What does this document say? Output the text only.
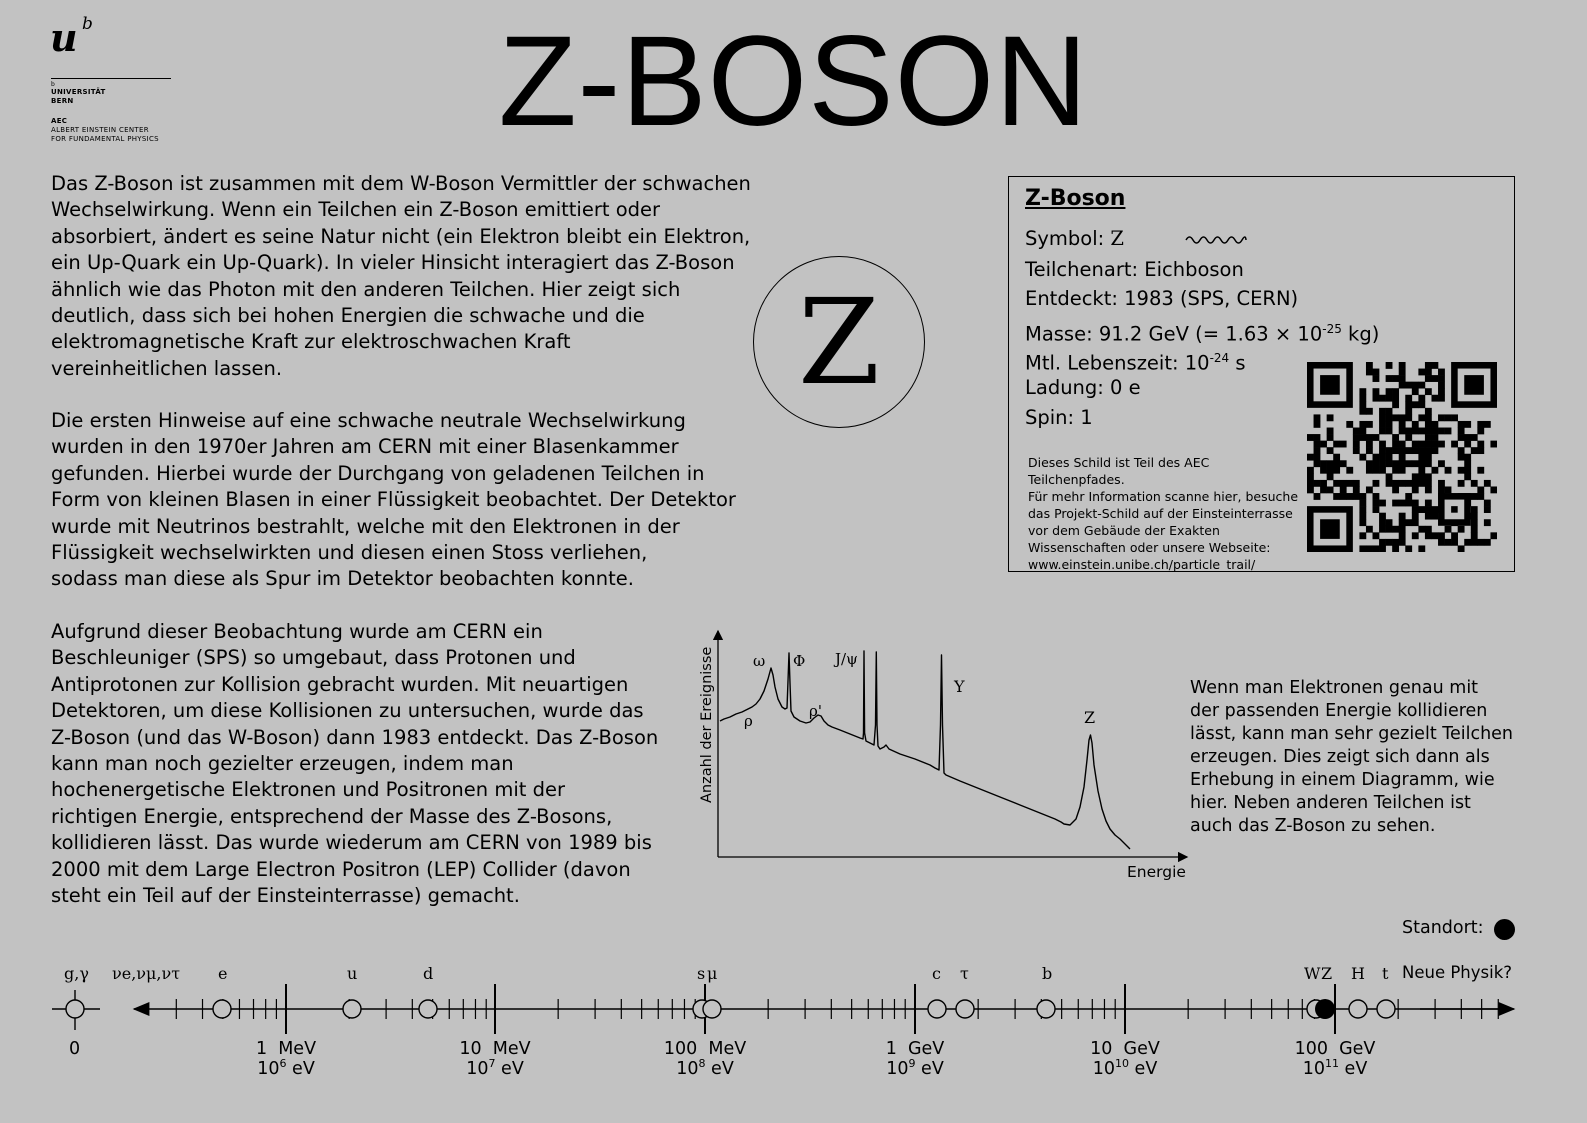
u b
b
UNIVERSITÄT
BERN
AEC
ALBERT EINSTEIN CENTER
FOR FUNDAMENTAL PHYSICS	Z-BOSON
Das Z-Boson ist zusammen mit dem W-Boson Vermittler der schwachen
Wechselwirkung. Wenn ein Teilchen ein Z-Boson emittiert oder
absorbiert, ändert es seine Natur nicht (ein Elektron bleibt ein Elektron,
ein Up-Quark ein Up-Quark). In vieler Hinsicht interagiert das Z-Boson
ähnlich wie das Photon mit den anderen Teilchen. Hier zeigt sich
deutlich, dass sich bei hohen Energien die schwache und die
elektromagnetische Kraft zur elektroschwachen Kraft
vereinheitlichen lassen.
Die ersten Hinweise auf eine schwache neutrale Wechselwirkung
wurden in den 1970er Jahren am CERN mit einer Blasenkammer
gefunden. Hierbei wurde der Durchgang von geladenen Teilchen in
Form von kleinen Blasen in einer Flüssigkeit beobachtet. Der Detektor
wurde mit Neutrinos bestrahlt, welche mit den Elektronen in der
Flüssigkeit wechselwirkten und diesen einen Stoss verliehen,
sodass man diese als Spur im Detektor beobachten konnte.
Aufgrund dieser Beobachtung wurde am CERN ein
Beschleuniger (SPS) so umgebaut, dass Protonen und
Antiprotonen zur Kollision gebracht wurden. Mit neuartigen
Detektoren, um diese Kollisionen zu untersuchen, wurde das
Z-Boson (und das W-Boson) dann 1983 entdeckt. Das Z-Boson
kann man noch gezielter erzeugen, indem man
hochenergetische Elektronen und Positronen mit der
richtigen Energie, entsprechend der Masse des Z-Bosons,
kollidieren lässt. Das wurde wiederum am CERN von 1989 bis
2000 mit dem Large Electron Positron (LEP) Collider (davon
steht ein Teil auf der Einsteinterrasse) gemacht.
Z
Z-Boson
Symbol: Z
Teilchenart: Eichboson
Entdeckt: 1983 (SPS, CERN)
Masse: 91.2 GeV (= $1.63 \times 10^{-25}$ kg)
Mtl. Lebenszeit: $10^{-24}$ s
Ladung: 0 e
Spin: 1
Dieses Schild ist Teil des AEC Teilchenpfades.
Für mehr Information scanne hier, besuche
das Projekt-Schild auf der Einsteinterrasse
vor dem Gebäude der Exakten
Wissenschaften oder unsere Webseite:
www.einstein.unibe.ch/particle_trail/
Anzahl der Ereignisse
Energie
ω Φ J/ψ
ρ
ρ'
Υ
Z
Wenn man Elektronen genau mit
der passenden Energie kollidieren
lässt, kann man sehr gezielt Teilchen
erzeugen. Dies zeigt sich dann als
Erhebung in einem Diagramm, wie
hier. Neben anderen Teilchen ist
auch das Z-Boson zu sehen.
Standort:
0
g,γ νe,νμ,ντ e	u	d	s μ	c τ	b	W Z H t Neue Physik?
1  MeV
$10^6$ eV
10  MeV
$10^7$ eV
100  MeV
$10^8$ eV
1  GeV
$10^9$ eV
10  GeV
$10^{10}$ eV
100  GeV
$10^{11}$ eV
